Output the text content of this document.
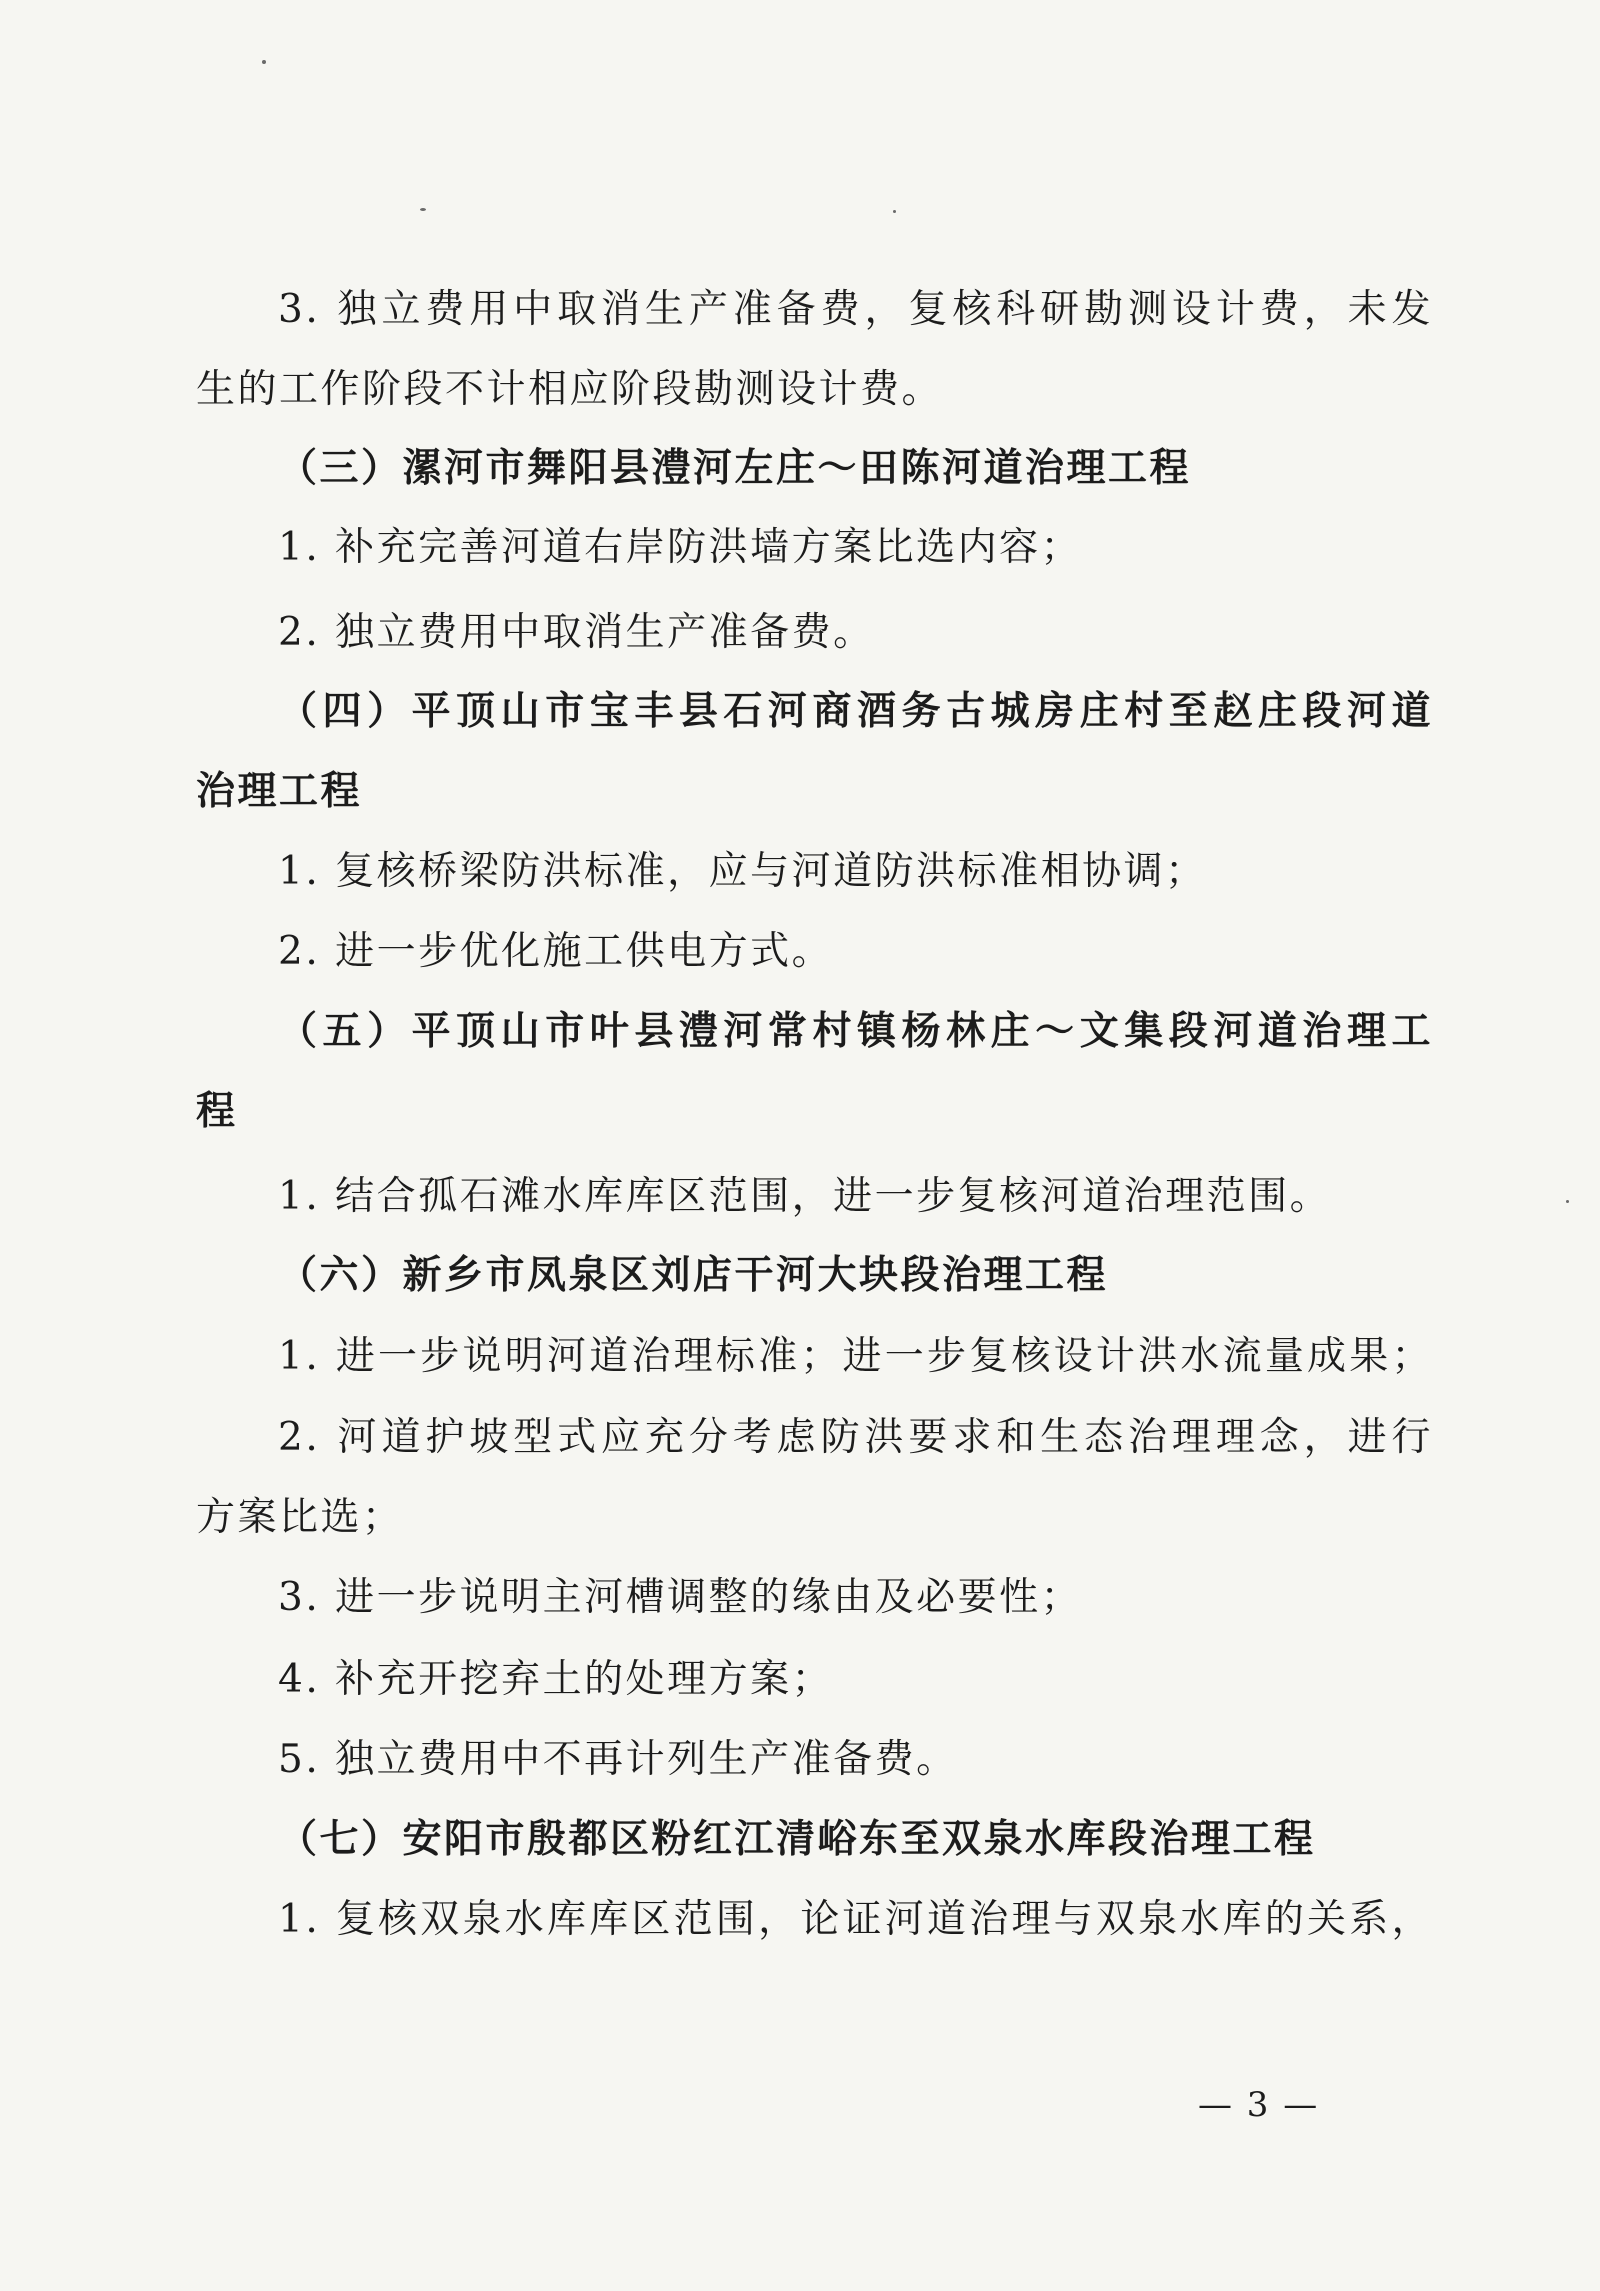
3. 独立费用中取消生产准备费，复核科研勘测设计费，未发
生的工作阶段不计相应阶段勘测设计费。
（三）漯河市舞阳县澧河左庄～田陈河道治理工程
1. 补充完善河道右岸防洪墙方案比选内容；
2. 独立费用中取消生产准备费。
（四）平顶山市宝丰县石河商酒务古城房庄村至赵庄段河道
治理工程
1. 复核桥梁防洪标准，应与河道防洪标准相协调；
2. 进一步优化施工供电方式。
（五）平顶山市叶县澧河常村镇杨林庄～文集段河道治理工
程
1. 结合孤石滩水库库区范围，进一步复核河道治理范围。
（六）新乡市凤泉区刘店干河大块段治理工程
1. 进一步说明河道治理标准；进一步复核设计洪水流量成果；
2. 河道护坡型式应充分考虑防洪要求和生态治理理念，进行
方案比选；
3. 进一步说明主河槽调整的缘由及必要性；
4. 补充开挖弃土的处理方案；
5. 独立费用中不再计列生产准备费。
（七）安阳市殷都区粉红江清峪东至双泉水库段治理工程
1. 复核双泉水库库区范围，论证河道治理与双泉水库的关系，
— 3 —
